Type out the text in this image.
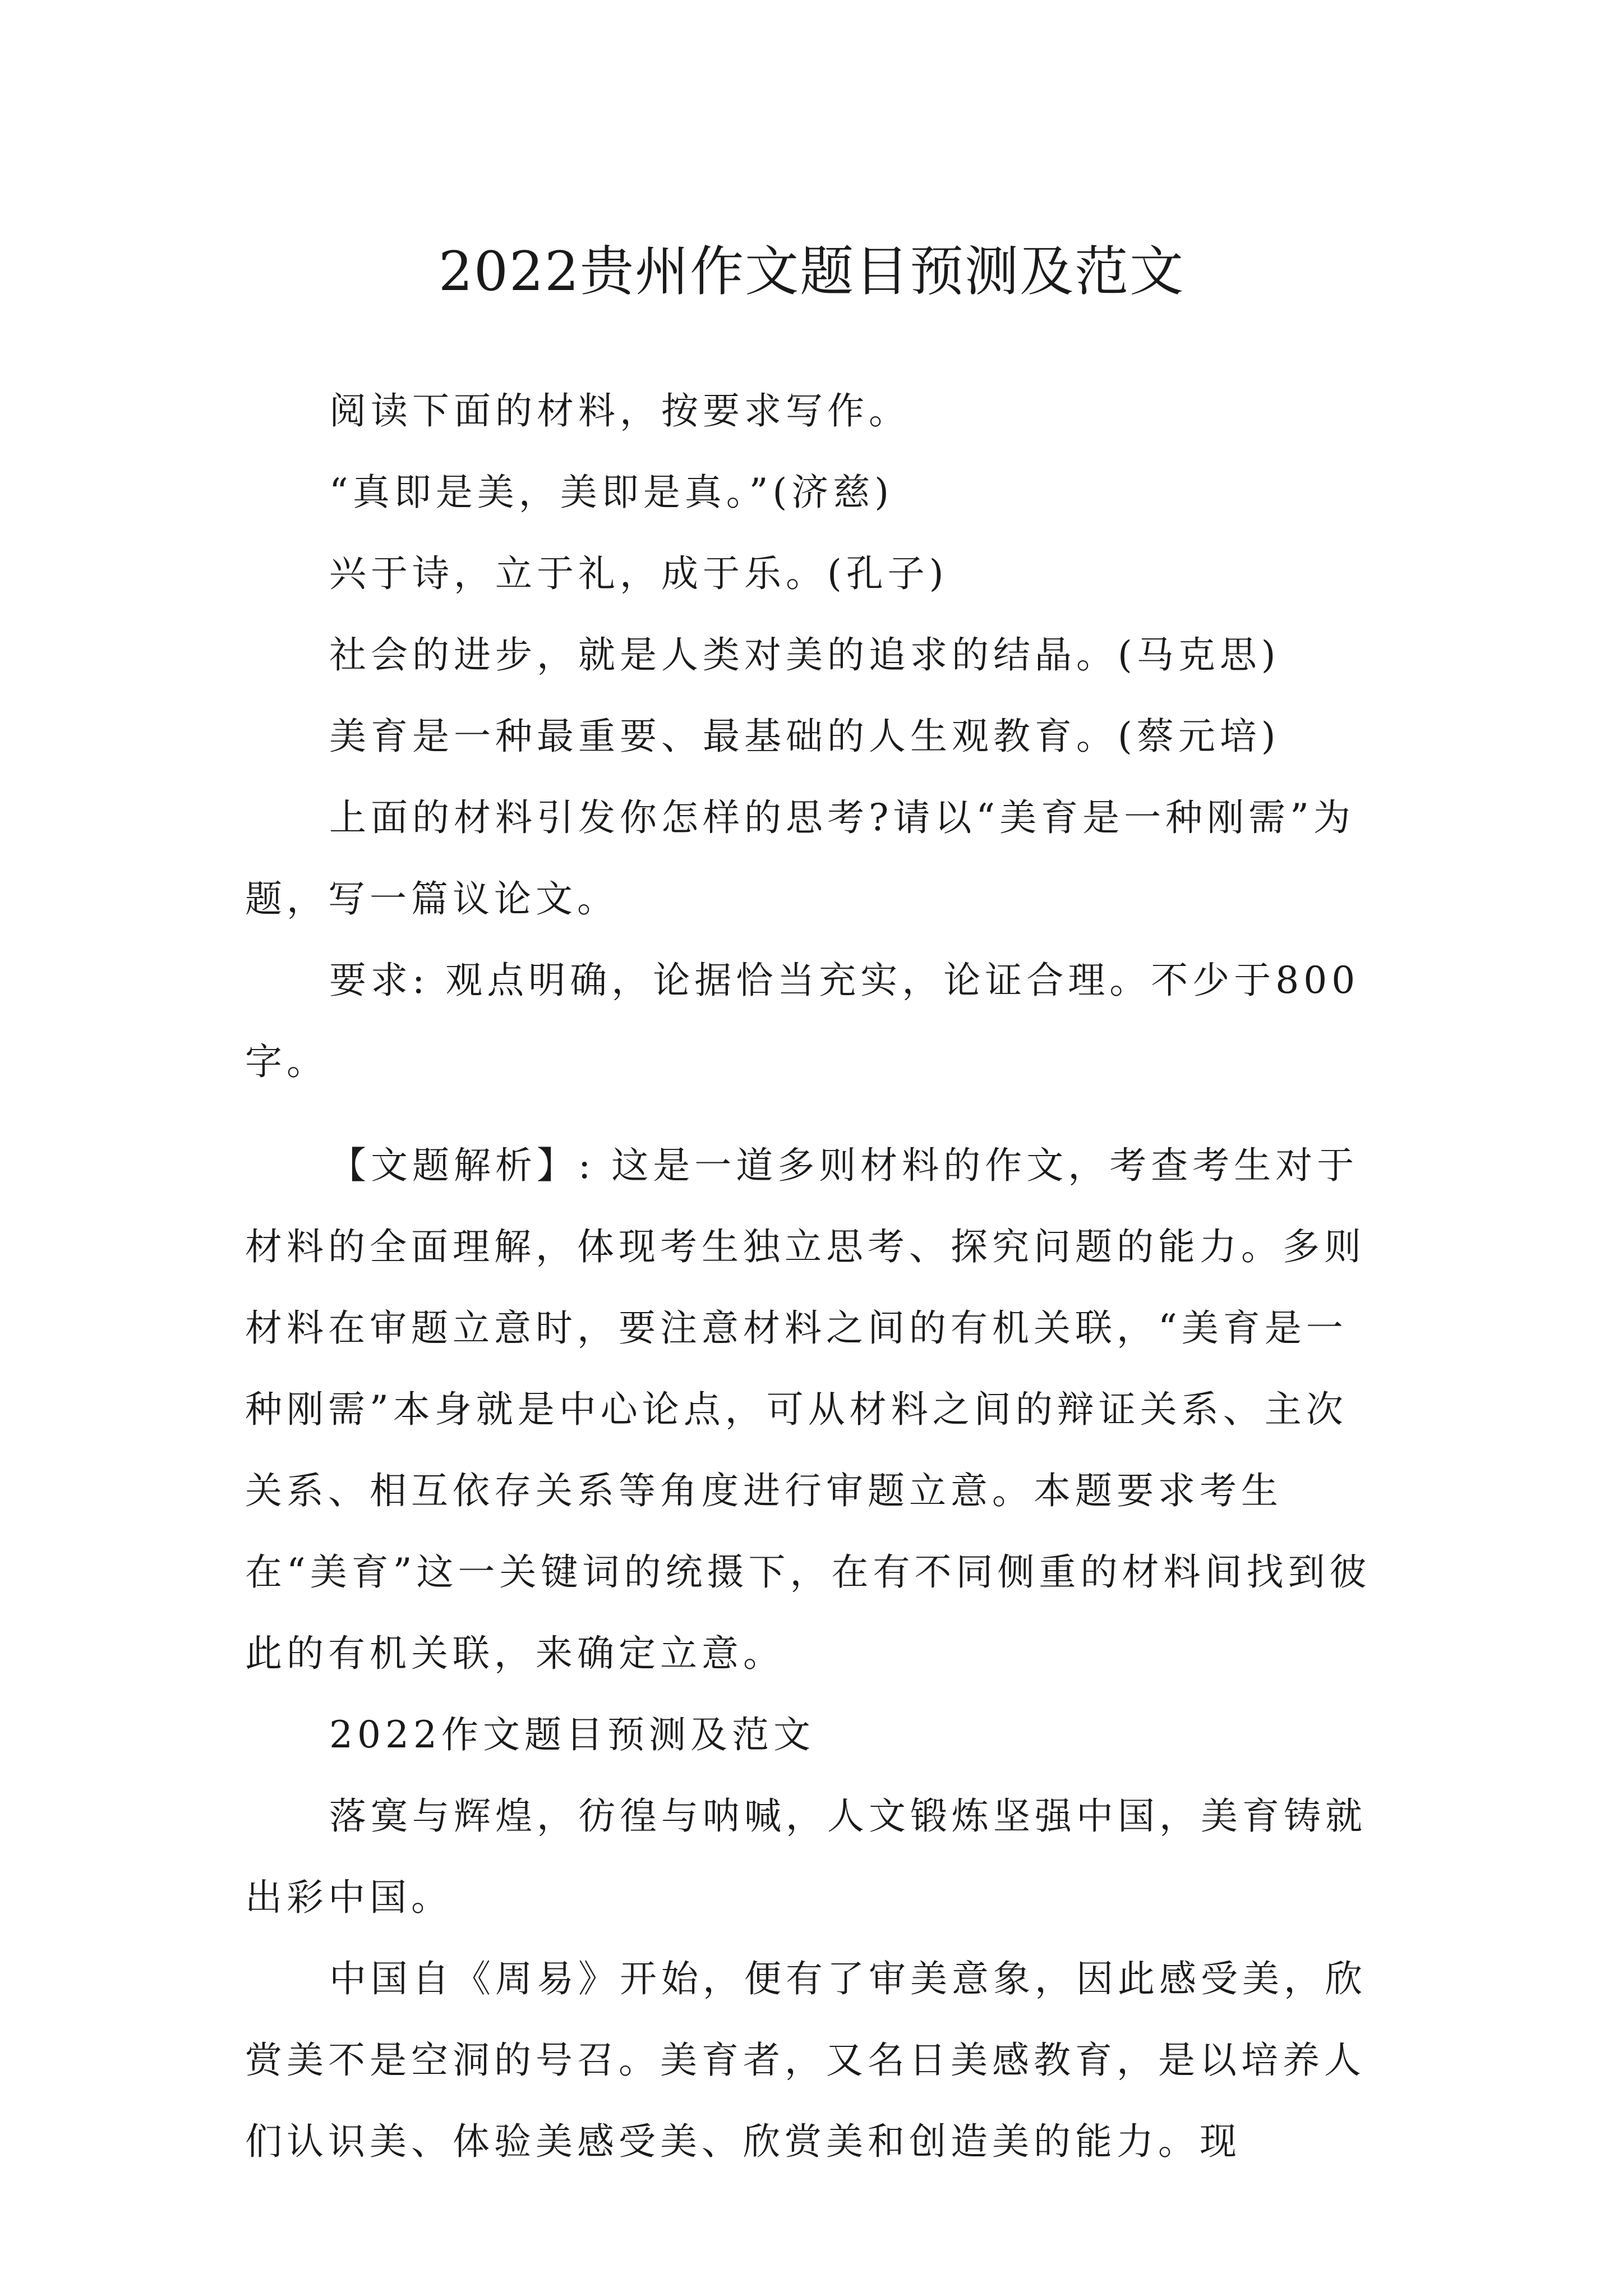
2022贵州作文题目预测及范文

阅读下面的材料，按要求写作。

“真即是美，美即是真。”(济慈)

兴于诗，立于礼，成于乐。(孔子)

社会的进步，就是人类对美的追求的结晶。(马克思)

美育是一种最重要、最基础的人生观教育。(蔡元培)

上面的材料引发你怎样的思考?请以“美育是一种刚需”为题，写一篇议论文。

要求: 观点明确，论据恰当充实，论证合理。不少于800字。

【文题解析】: 这是一道多则材料的作文，考查考生对于材料的全面理解，体现考生独立思考、探究问题的能力。多则材料在审题立意时，要注意材料之间的有机关联，“美育是一种刚需”本身就是中心论点，可从材料之间的辩证关系、主次关系、相互依存关系等角度进行审题立意。本题要求考生在“美育”这一关键词的统摄下，在有不同侧重的材料间找到彼此的有机关联，来确定立意。

2022作文题目预测及范文

落寞与辉煌，彷徨与呐喊，人文锻炼坚强中国，美育铸就出彩中国。

中国自《周易》开始，便有了审美意象，因此感受美，欣赏美不是空洞的号召。美育者，又名日美感教育，是以培养人们认识美、体验美感受美、欣赏美和创造美的能力。现
